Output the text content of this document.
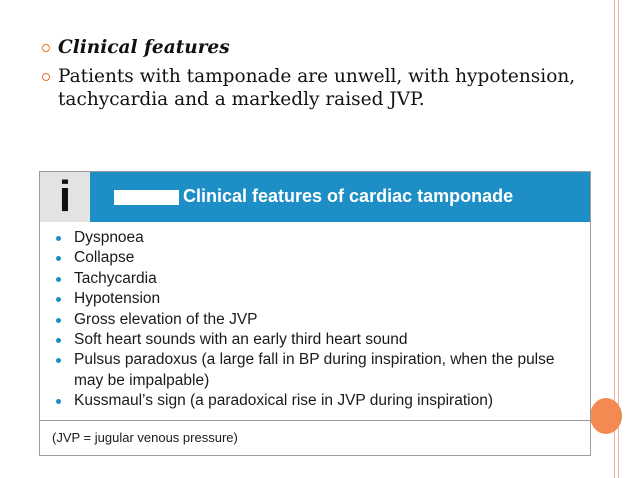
Clinical features
Patients with tamponade are unwell, with hypotension, tachycardia and a markedly raised JVP.
i	Clinical features of cardiac tamponade
Dyspnoea
Collapse
Tachycardia
Hypotension
Gross elevation of the JVP
Soft heart sounds with an early third heart sound
Pulsus paradoxus (a large fall in BP during inspiration, when the pulse may be impalpable)
Kussmaul’s sign (a paradoxical rise in JVP during inspiration)
(JVP = jugular venous pressure)
